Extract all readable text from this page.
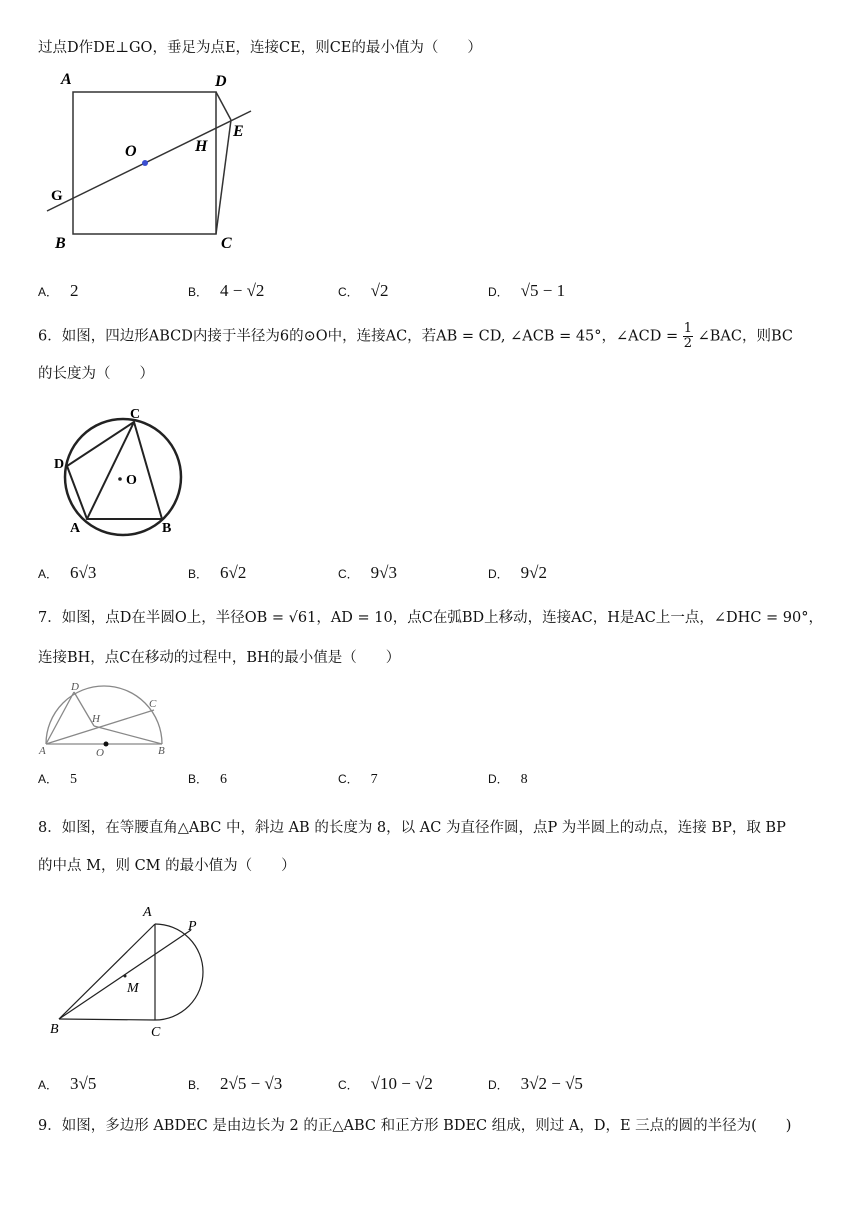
过点D作DE⊥GO，垂足为点E，连接CE，则CE的最小值为（　　）
A	D
B	C
O	H
E
G
A． 2	B． 4 − √2	C． √2	D． √5 − 1
6．如图，四边形ABCD内接于半径为6的⊙O中，连接AC，若AB = CD, ∠ACB = 45°，∠ACD = $\frac{1}{2}$ ∠BAC，则BC
的长度为（　　）
C
D
O
A	B
A． 6√3	B． 6√2	C． 9√3	D． 9√2
7．如图，点D在半圆O上，半径OB = √61，AD = 10，点C在弧BD上移动，连接AC，H是AC上一点，∠DHC = 90°，
连接BH，点C在移动的过程中，BH的最小值是（　　）
D
C
H
A	O	B
A． 5	B． 6	C． 7	D． 8
8．如图，在等腰直角△ABC 中，斜边 AB 的长度为 8，以 AC 为直径作圆，点P 为半圆上的动点，连接 BP，取 BP
的中点 M，则 CM 的最小值为（　　）
A
P
M
B	C
A． 3√5	B． 2√5 − √3	C． √10 − √2	D． 3√2 − √5
9．如图，多边形 ABDEC 是由边长为 2 的正△ABC 和正方形 BDEC 组成，则过 A，D，E 三点的圆的半径为(　　)
